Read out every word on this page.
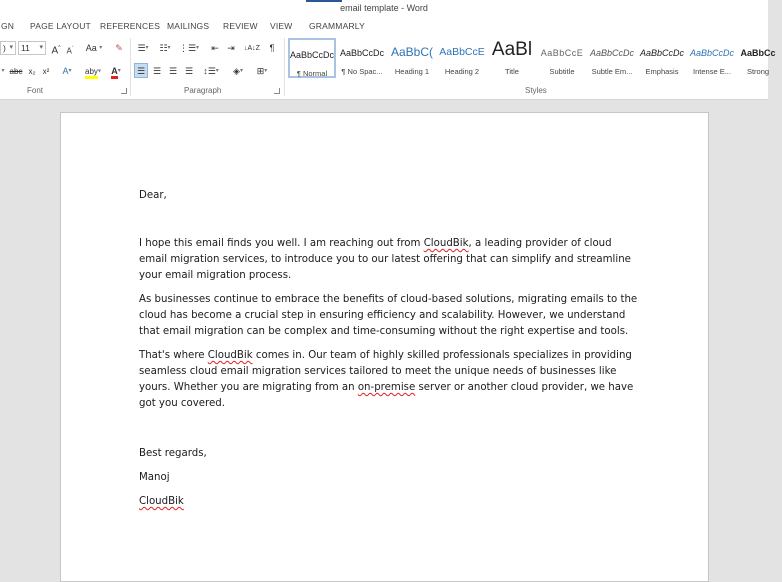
email template - Word
GN PAGE LAYOUT REFERENCES MAILINGS REVIEW VIEW GRAMMARLY
) ▾ 11 ▾ A^ $A^ˇ$	Aa ▾	✎
▾ abc x₂ x²	A▾	aby▾	A▾
Font
☰▾	☷▾ ⋮☰▾	⇤ ⇥	↓A↓Z	¶
☰ ☰ ☰ ☰	↕☰▾	◈▾	⊞▾
Paragraph
AaBbCcDc
¶ Normal
AaBbCcDc
¶ No Spac...
AaBbC(
Heading 1
AaBbCcE
Heading 2
AaBl
Title
AaBbCcE
Subtitle
AaBbCcDc
Subtle Em...
AaBbCcDc
Emphasis
AaBbCcDc
Intense E...
AaBbCc
Strong
Styles

Dear,

I hope this email finds you well. I am reaching out from CloudBik, a leading provider of cloud email migration services, to introduce you to our latest offering that can simplify and streamline your email migration process.

As businesses continue to embrace the benefits of cloud-based solutions, migrating emails to the cloud has become a crucial step in ensuring efficiency and scalability. However, we understand that email migration can be complex and time-consuming without the right expertise and tools.

That's where CloudBik comes in. Our team of highly skilled professionals specializes in providing seamless cloud email migration services tailored to meet the unique needs of businesses like yours. Whether you are migrating from an on-premise server or another cloud provider, we have got you covered.

Best regards,

Manoj

CloudBik
